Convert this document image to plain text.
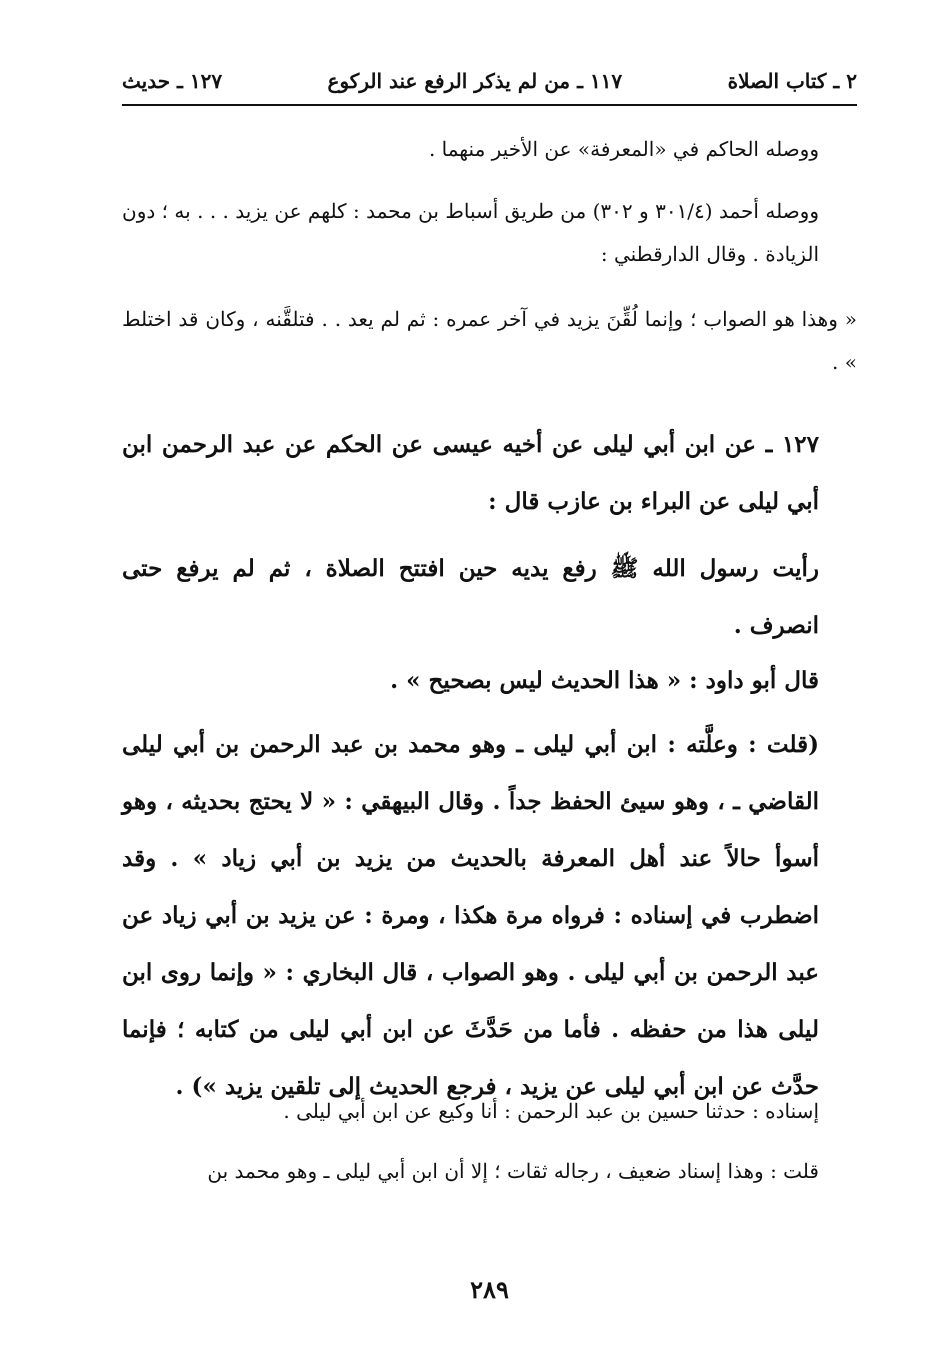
٢ ـ كتاب الصلاة
١١٧ ـ من لم يذكر الرفع عند الركوع
١٢٧ ـ حديث
ووصله الحاكم في «المعرفة» عن الأخير منهما .
ووصله أحمد (٣٠١/٤ و ٣٠٢) من طريق أسباط بن محمد : كلهم عن يزيد . . . به ؛ دون الزيادة . وقال الدارقطني :
« وهذا هو الصواب ؛ وإنما لُقِّنَ يزيد في آخر عمره : ثم لم يعد . . فتلقَّنه ، وكان قد اختلط » .
١٢٧ ـ عن ابن أبي ليلى عن أخيه عيسى عن الحكم عن عبد الرحمن ابن أبي ليلى عن البراء بن عازب قال :
رأيت رسول الله ﷺ رفع يديه حين افتتح الصلاة ، ثم لم يرفع حتى انصرف .
قال أبو داود : « هذا الحديث ليس بصحيح » .
(قلت : وعلَّته : ابن أبي ليلى ـ وهو محمد بن عبد الرحمن بن أبي ليلى القاضي ـ ، وهو سيئ الحفظ جداً . وقال البيهقي : « لا يحتج بحديثه ، وهو أسوأ حالاً عند أهل المعرفة بالحديث من يزيد بن أبي زياد » . وقد اضطرب في إسناده : فرواه مرة هكذا ، ومرة : عن يزيد بن أبي زياد عن عبد الرحمن بن أبي ليلى . وهو الصواب ، قال البخاري : « وإنما روى ابن ليلى هذا من حفظه . فأما من حَدَّثَ عن ابن أبي ليلى من كتابه ؛ فإنما حدَّث عن ابن أبي ليلى عن يزيد ، فرجع الحديث إلى تلقين يزيد ») .
إسناده : حدثنا حسين بن عبد الرحمن : أنا وكيع عن ابن أبي ليلى .
قلت : وهذا إسناد ضعيف ، رجاله ثقات ؛ إلا أن ابن أبي ليلى ـ وهو محمد بن
٢٨٩
